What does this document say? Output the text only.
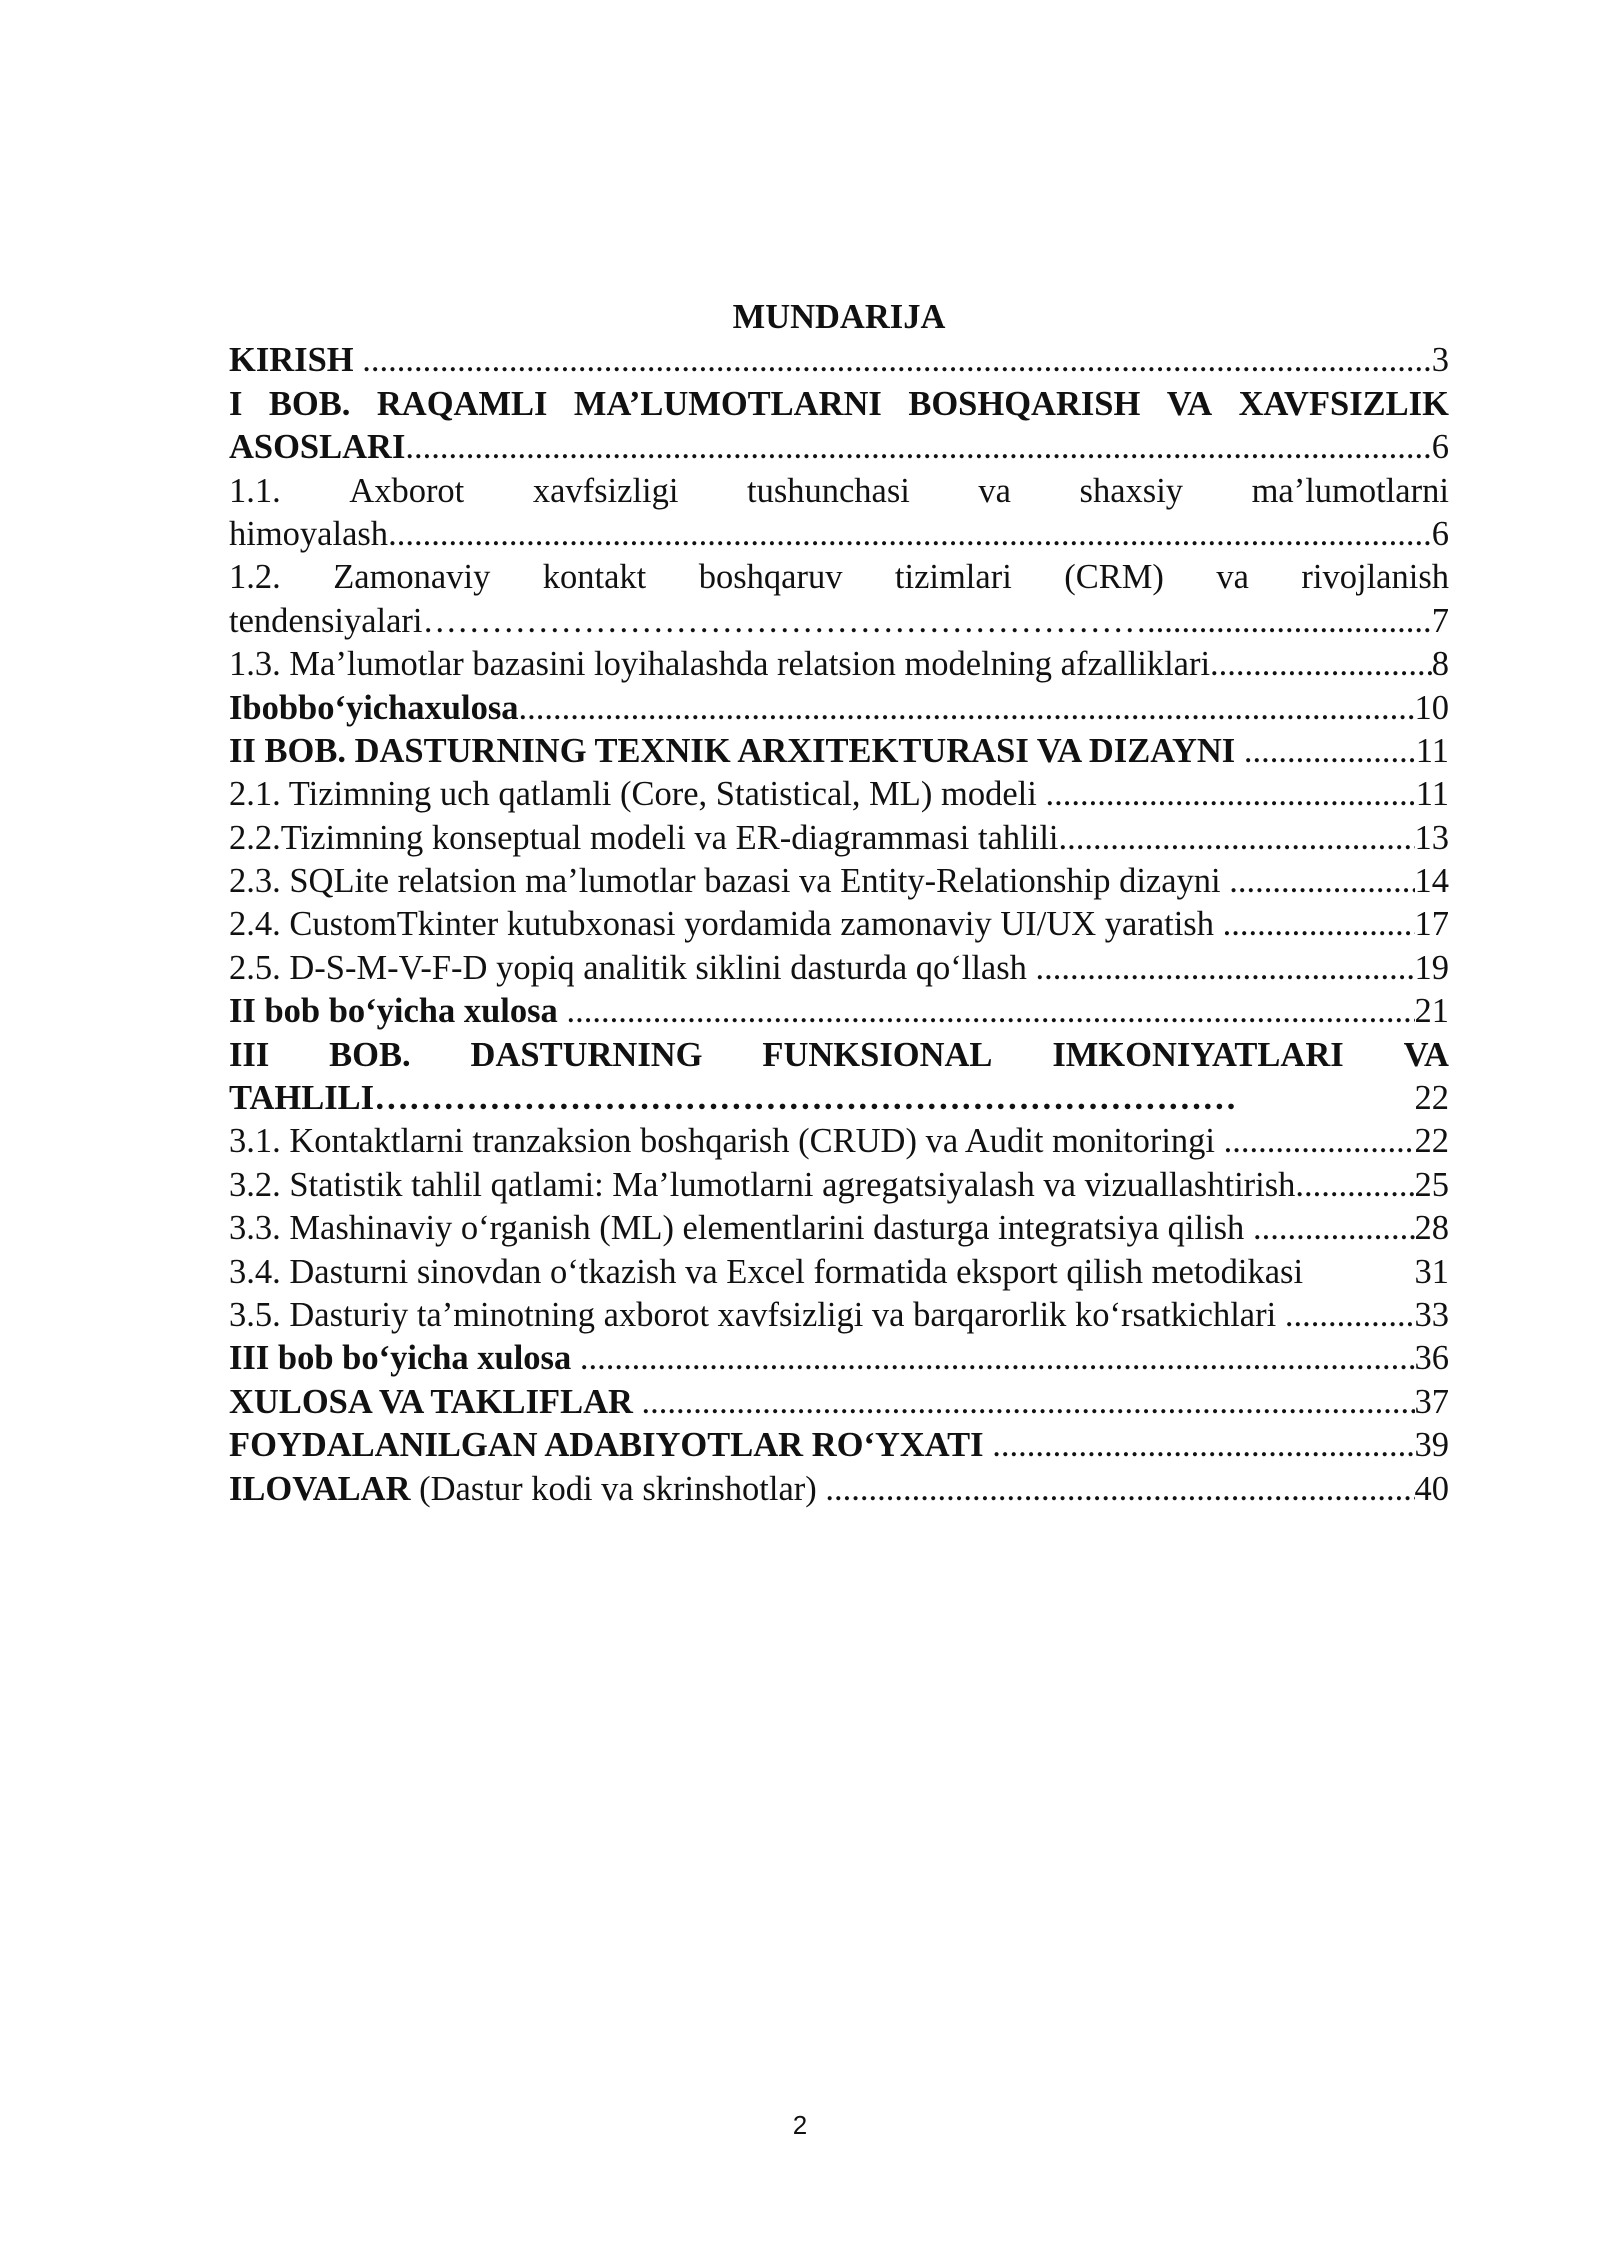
MUNDARIJA
KIRISH .....	3
I BOB. RAQAMLI MA’LUMOTLARNI BOSHQARISH VA XAVFSIZLIK
ASOSLARI .....	6
1.1. Axborot xavfsizligi tushunchasi va shaxsiy ma’lumotlarni
himoyalash .....	6
1.2. Zamonaviy kontakt boshqaruv tizimlari (CRM) va rivojlanish
tendensiyalari………………………………………………………. .....	7
1.3. Ma’lumotlar bazasini loyihalashda relatsion modelning afzalliklari .....	8
Ibobbo‘yichaxulosa .....	10
II BOB. DASTURNING TEXNIK ARXITEKTURASI VA DIZAYNI .....	11
2.1. Tizimning uch qatlamli (Core, Statistical, ML) modeli .....	11
2.2.Tizimning konseptual modeli va ER-diagrammasi tahlili .....	13
2.3. SQLite relatsion ma’lumotlar bazasi va Entity-Relationship dizayni .....	14
2.4. CustomTkinter kutubxonasi yordamida zamonaviy UI/UX yaratish .....	17
2.5. D-S-M-V-F-D yopiq analitik siklini dasturda qo‘llash .....	19
II bob bo‘yicha xulosa .....	21
III BOB. DASTURNING FUNKSIONAL IMKONIYATLARI VA
TAHLILI…………………………………………………………………	22
3.1. Kontaktlarni tranzaksion boshqarish (CRUD) va Audit monitoringi .....	22
3.2. Statistik tahlil qatlami: Ma’lumotlarni agregatsiyalash va vizuallashtirish .....	25
3.3. Mashinaviy o‘rganish (ML) elementlarini dasturga integratsiya qilish .....	28
3.4. Dasturni sinovdan o‘tkazish va Excel formatida eksport qilish metodikasi	31
3.5. Dasturiy ta’minotning axborot xavfsizligi va barqarorlik ko‘rsatkichlari .....	33
III bob bo‘yicha xulosa .....	36
XULOSA VA TAKLIFLAR .....	37
FOYDALANILGAN ADABIYOTLAR RO‘YXATI .....	39
ILOVALAR (Dastur kodi va skrinshotlar) .....	40
2
